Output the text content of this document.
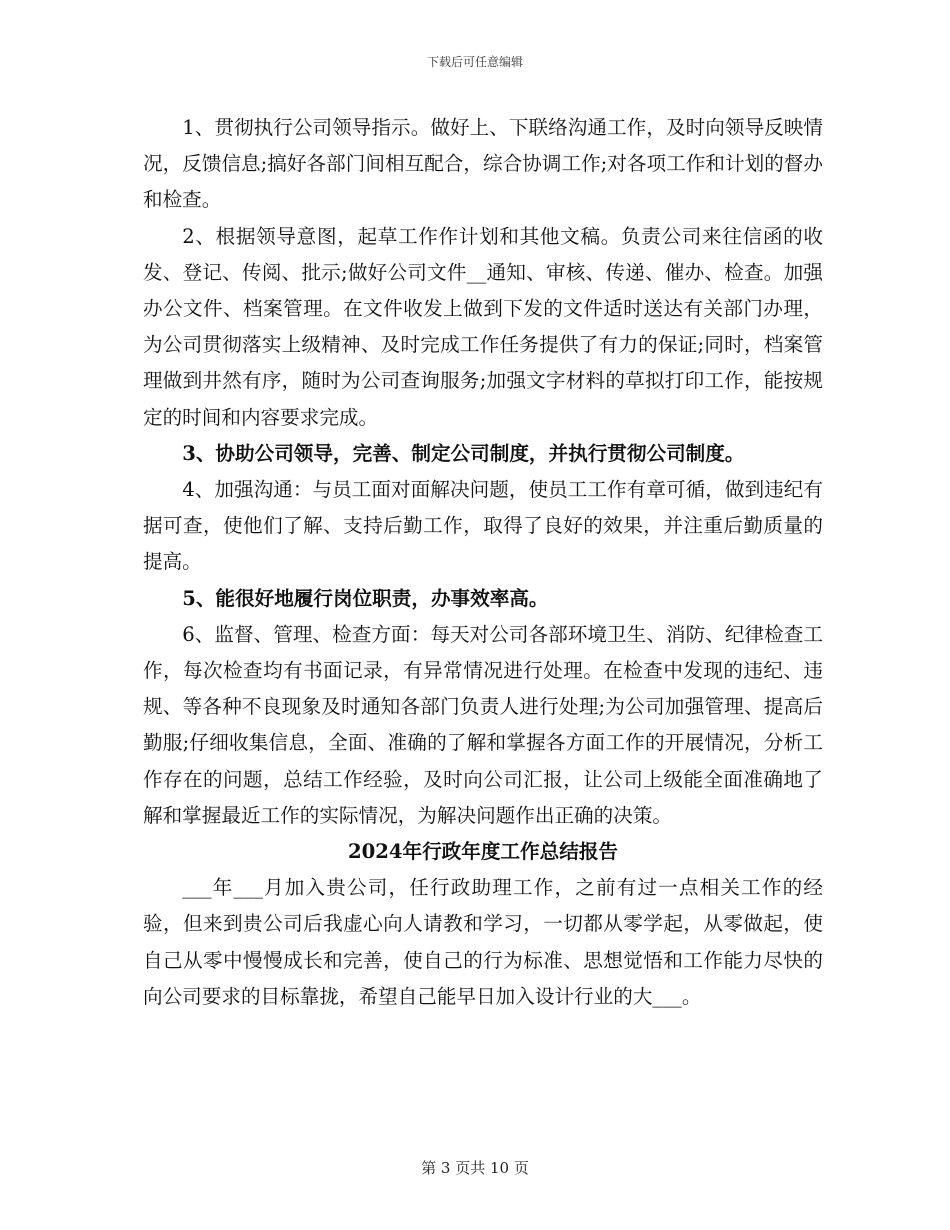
下载后可任意编辑

1、贯彻执行公司领导指示。做好上、下联络沟通工作，及时向领导反映情况，反馈信息;搞好各部门间相互配合，综合协调工作;对各项工作和计划的督办和检查。

2、根据领导意图，起草工作作计划和其他文稿。负责公司来往信函的收发、登记、传阅、批示;做好公司文件__通知、审核、传递、催办、检查。加强办公文件、档案管理。在文件收发上做到下发的文件适时送达有关部门办理，为公司贯彻落实上级精神、及时完成工作任务提供了有力的保证;同时，档案管理做到井然有序，随时为公司查询服务;加强文字材料的草拟打印工作，能按规定的时间和内容要求完成。

3、协助公司领导，完善、制定公司制度，并执行贯彻公司制度。

4、加强沟通：与员工面对面解决问题，使员工工作有章可循，做到违纪有据可查，使他们了解、支持后勤工作，取得了良好的效果，并注重后勤质量的提高。

5、能很好地履行岗位职责，办事效率高。

6、监督、管理、检查方面：每天对公司各部环境卫生、消防、纪律检查工作，每次检查均有书面记录，有异常情况进行处理。在检查中发现的违纪、违规、等各种不良现象及时通知各部门负责人进行处理;为公司加强管理、提高后勤服;仔细收集信息，全面、准确的了解和掌握各方面工作的开展情况，分析工作存在的问题，总结工作经验，及时向公司汇报，让公司上级能全面准确地了解和掌握最近工作的实际情况，为解决问题作出正确的决策。

2024年行政年度工作总结报告

___年___月加入贵公司，任行政助理工作，之前有过一点相关工作的经验，但来到贵公司后我虚心向人请教和学习，一切都从零学起，从零做起，使自己从零中慢慢成长和完善，使自己的行为标准、思想觉悟和工作能力尽快的向公司要求的目标靠拢，希望自己能早日加入设计行业的大___。

第 3 页共 10 页
